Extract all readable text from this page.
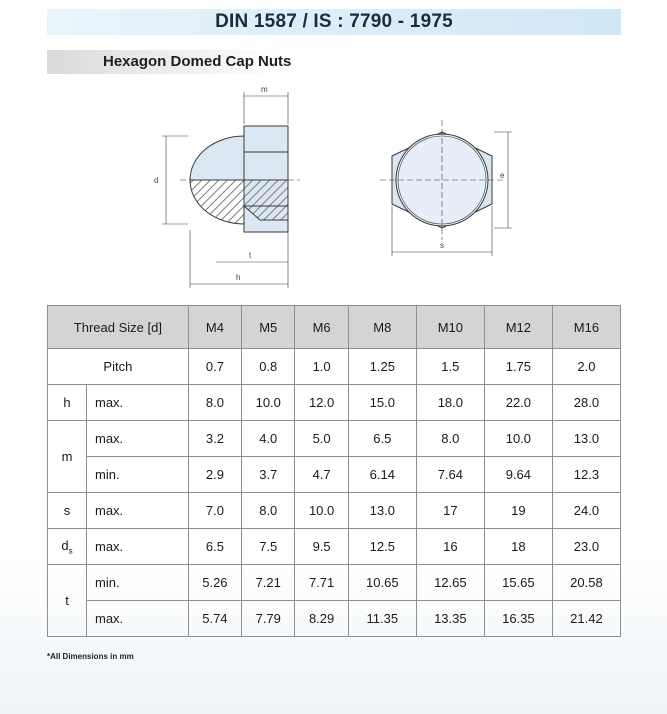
DIN 1587 / IS : 7790 - 1975
Hexagon Domed Cap Nuts
m
d
t
h
s
e
Thread Size [d]		M4	M5	M6	M8	M10	M12	M16
Pitch		0.7	0.8	1.0	1.25	1.5	1.75	2.0
h	max.	8.0	10.0	12.0	15.0	18.0	22.0	28.0
m	max.	3.2	4.0	5.0	6.5	8.0	10.0	13.0
	min.	2.9	3.7	4.7	6.14	7.64	9.64	12.3
s	max.	7.0	8.0	10.0	13.0	17	19	24.0
$d_s$	max.	6.5	7.5	9.5	12.5	16	18	23.0
t	min.	5.26	7.21	7.71	10.65	12.65	15.65	20.58
	max.	5.74	7.79	8.29	11.35	13.35	16.35	21.42
*All Dimensions in mm
